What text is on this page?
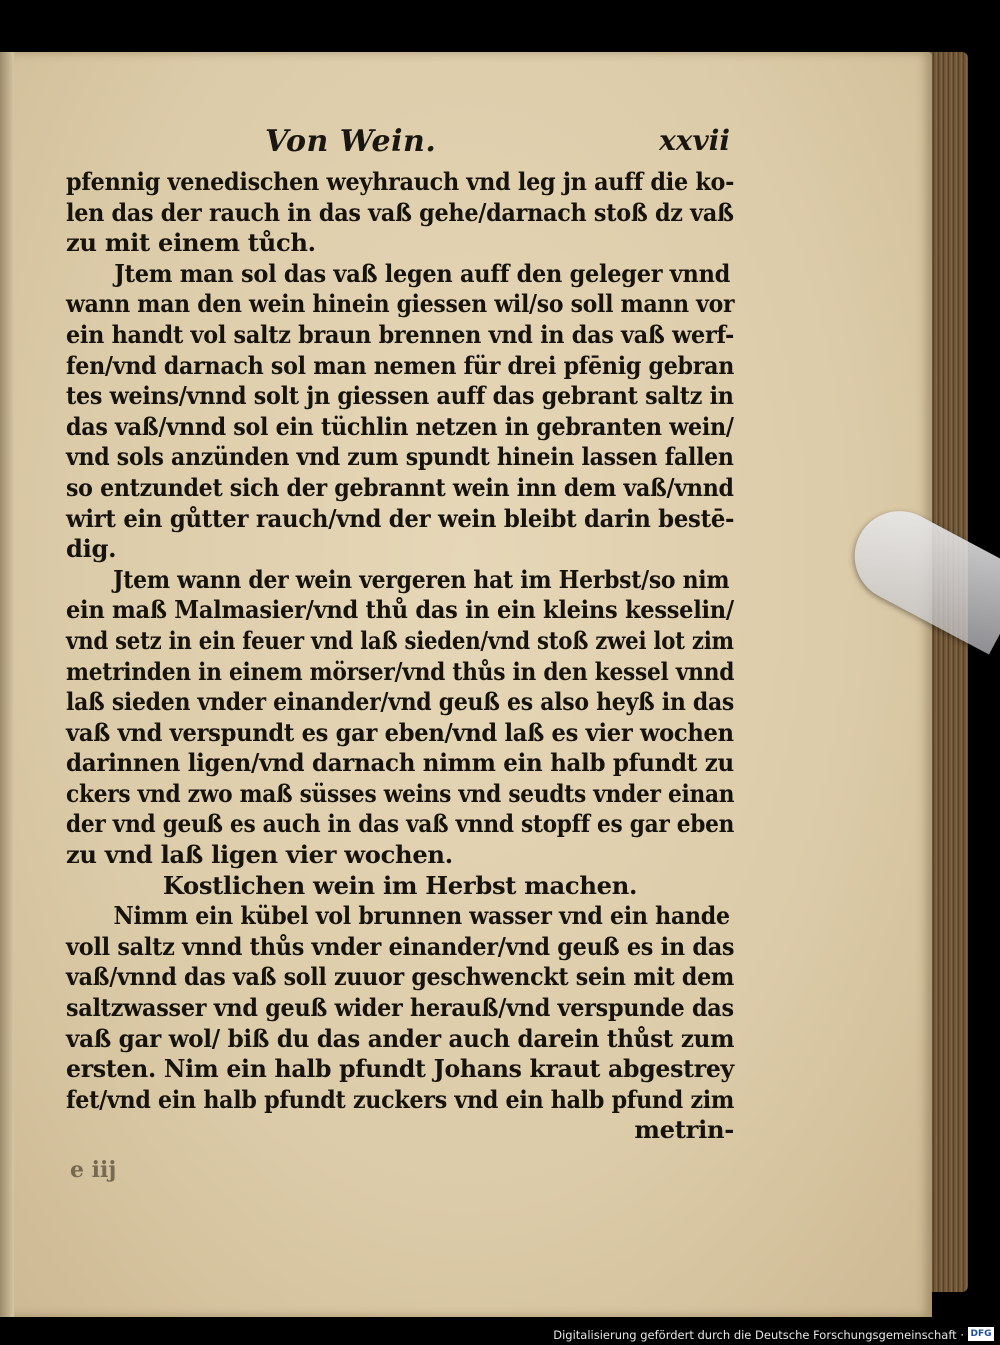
Von Wein.	xxvii
pfennig venedischen weyhrauch vnd leg jn auff die ko-
len das der rauch in das vaß gehe/darnach stoß dz vaß
zu mit einem tůch.
Jtem man sol das vaß legen auff den geleger vnnd
wann man den wein hinein giessen wil/so soll mann vor
ein handt vol saltz braun brennen vnd in das vaß werf-
fen/vnd darnach sol man nemen für drei pfēnig gebran
tes weins/vnnd solt jn giessen auff das gebrant saltz in
das vaß/vnnd sol ein tüchlin netzen in gebranten wein/
vnd sols anzünden vnd zum spundt hinein lassen fallen
so entzundet sich der gebrannt wein inn dem vaß/vnnd
wirt ein gůtter rauch/vnd der wein bleibt darin bestē-
dig.
Jtem wann der wein vergeren hat im Herbst/so nim
ein maß Malmasier/vnd thů das in ein kleins kesselin/
vnd setz in ein feuer vnd laß sieden/vnd stoß zwei lot zim
metrinden in einem mörser/vnd thůs in den kessel vnnd
laß sieden vnder einander/vnd geuß es also heyß in das
vaß vnd verspundt es gar eben/vnd laß es vier wochen
darinnen ligen/vnd darnach nimm ein halb pfundt zu
ckers vnd zwo maß süsses weins vnd seudts vnder einan
der vnd geuß es auch in das vaß vnnd stopff es gar eben
zu vnd laß ligen vier wochen.
Kostlichen wein im Herbst machen.
Nimm ein kübel vol brunnen wasser vnd ein hande
voll saltz vnnd thůs vnder einander/vnd geuß es in das
vaß/vnnd das vaß soll zuuor geschwenckt sein mit dem
saltzwasser vnd geuß wider herauß/vnd verspunde das
vaß gar wol/ biß du das ander auch darein thůst zum
ersten. Nim ein halb pfundt Johans kraut abgestrey
fet/vnd ein halb pfundt zuckers vnd ein halb pfund zim
metrin-
e iij
Digitalisierung gefördert durch die Deutsche Forschungsgemeinschaft · DFG
